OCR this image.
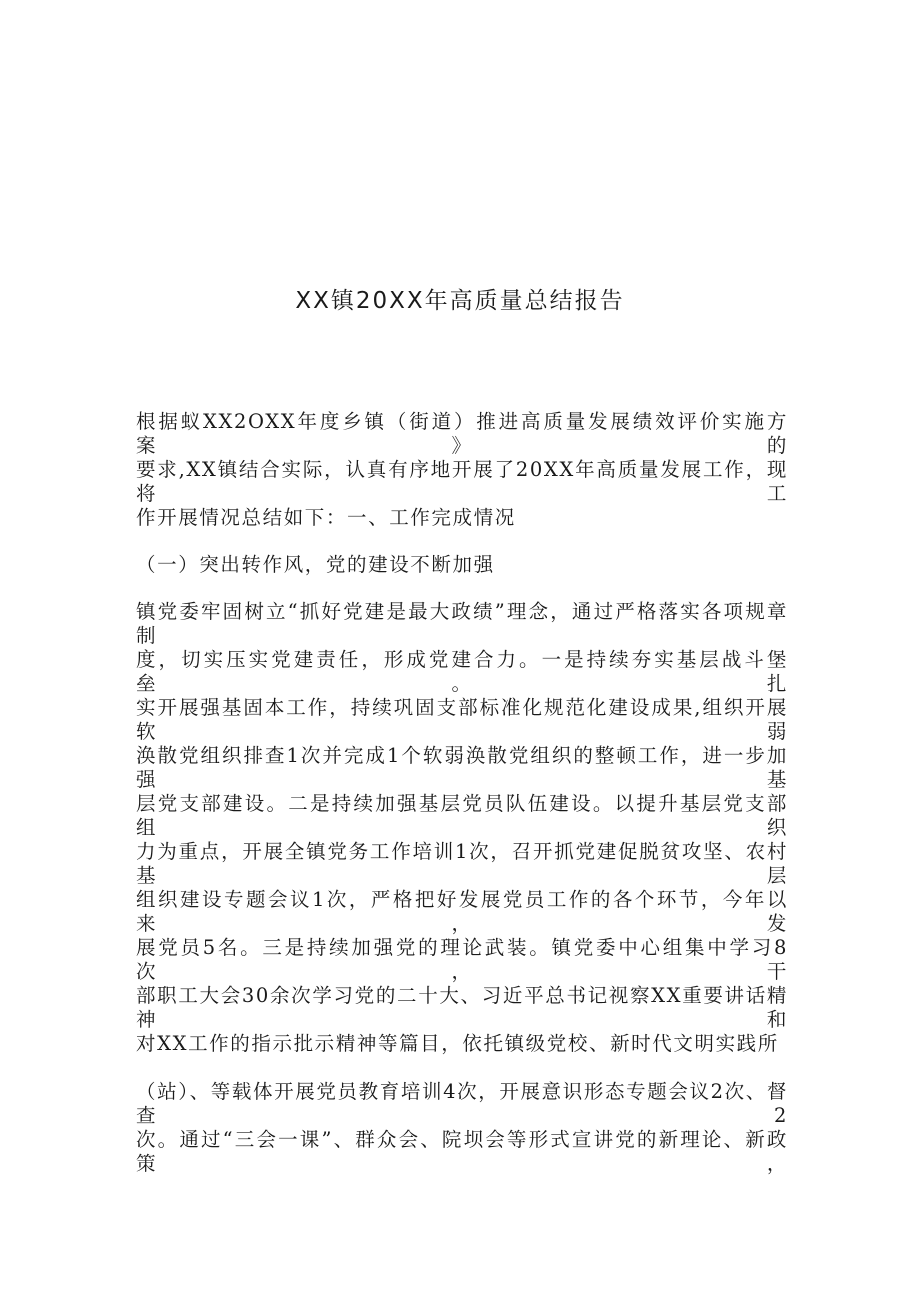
XX镇20XX年高质量总结报告
根据蚁XX2OXX年度乡镇（街道）推进高质量发展绩效评价实施方案》的
要求,XX镇结合实际，认真有序地开展了20XX年高质量发展工作，现将工
作开展情况总结如下：一、工作完成情况
（一）突出转作风，党的建设不断加强
镇党委牢固树立“抓好党建是最大政绩”理念，通过严格落实各项规章制
度，切实压实党建责任，形成党建合力。一是持续夯实基层战斗堡垒。扎
实开展强基固本工作，持续巩固支部标准化规范化建设成果,组织开展软弱
涣散党组织排查1次并完成1个软弱涣散党组织的整顿工作，进一步加强基
层党支部建设。二是持续加强基层党员队伍建设。以提升基层党支部组织
力为重点，开展全镇党务工作培训1次，召开抓党建促脱贫攻坚、农村基层
组织建设专题会议1次，严格把好发展党员工作的各个环节，今年以来，发
展党员5名。三是持续加强党的理论武装。镇党委中心组集中学习8次，干
部职工大会30余次学习党的二十大、习近平总书记视察XX重要讲话精神和
对XX工作的指示批示精神等篇目，依托镇级党校、新时代文明实践所
（站）、等载体开展党员教育培训4次，开展意识形态专题会议2次、督查2
次。通过“三会一课”、群众会、院坝会等形式宣讲党的新理论、新政策，
